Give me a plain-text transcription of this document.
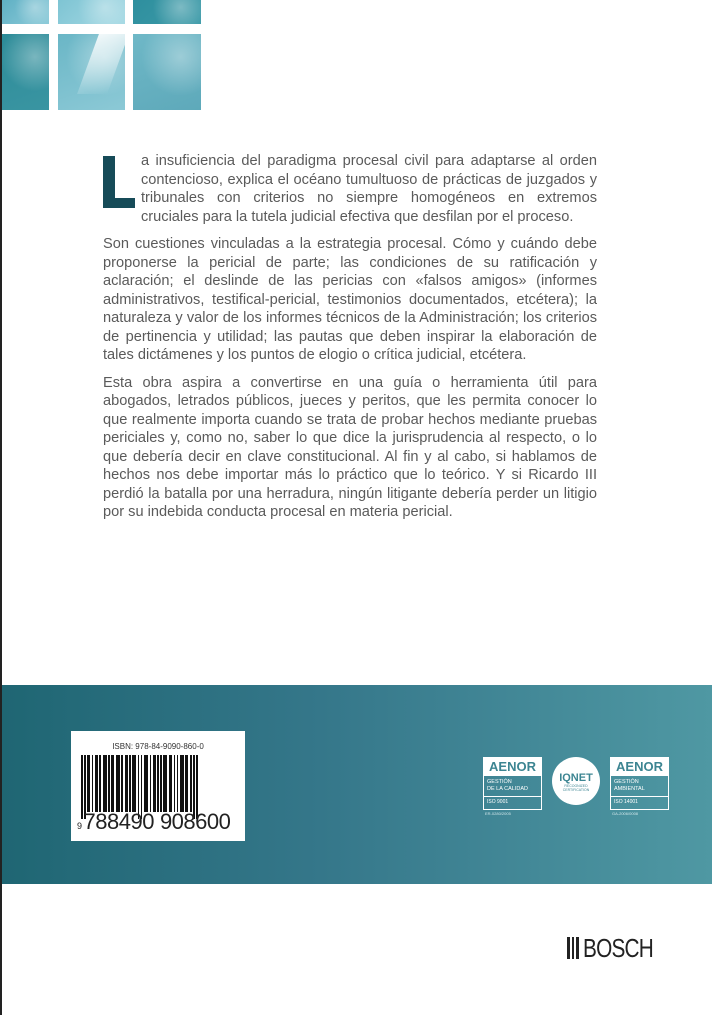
a insuficiencia del paradigma procesal civil para adaptarse al orden contencioso, explica el océano tumultuoso de prácticas de juzgados y tribunales con criterios no siempre homogéneos en extremos cruciales para la tutela judicial efectiva que desfilan por el proceso.

Son cuestiones vinculadas a la estrategia procesal. Cómo y cuándo debe proponerse la pericial de parte; las condiciones de su ratificación y aclaración; el deslinde de las pericias con «falsos amigos» (informes administrativos, testifical-pericial, testimonios documentados, etcétera); la naturaleza y valor de los informes técnicos de la Administración; los criterios de pertinencia y utilidad; las pautas que deben inspirar la elaboración de tales dictámenes y los puntos de elogio o crítica judicial, etcétera.

Esta obra aspira a convertirse en una guía o herramienta útil para abogados, letrados públicos, jueces y peritos, que les permita conocer lo que realmente importa cuando se trata de probar hechos mediante pruebas periciales y, como no, saber lo que dice la jurisprudencia al respecto, o lo que debería decir en clave constitucional. Al fin y al cabo, si hablamos de hechos nos debe importar más lo práctico que lo teórico. Y si Ricardo III perdió la batalla por una herradura, ningún litigante debería perder un litigio por su indebida conducta procesal en materia pericial.

ISBN: 978-84-9090-860-0
9788490 908600
AENOR
GESTIÓN
DE LA CALIDAD
ISO 9001
ER-0280/2005
IQNET
RECOGNIZED
CERTIFICATION
AENOR
GESTIÓN
AMBIENTAL
ISO 14001
GA-2006/0008
BOSCH
